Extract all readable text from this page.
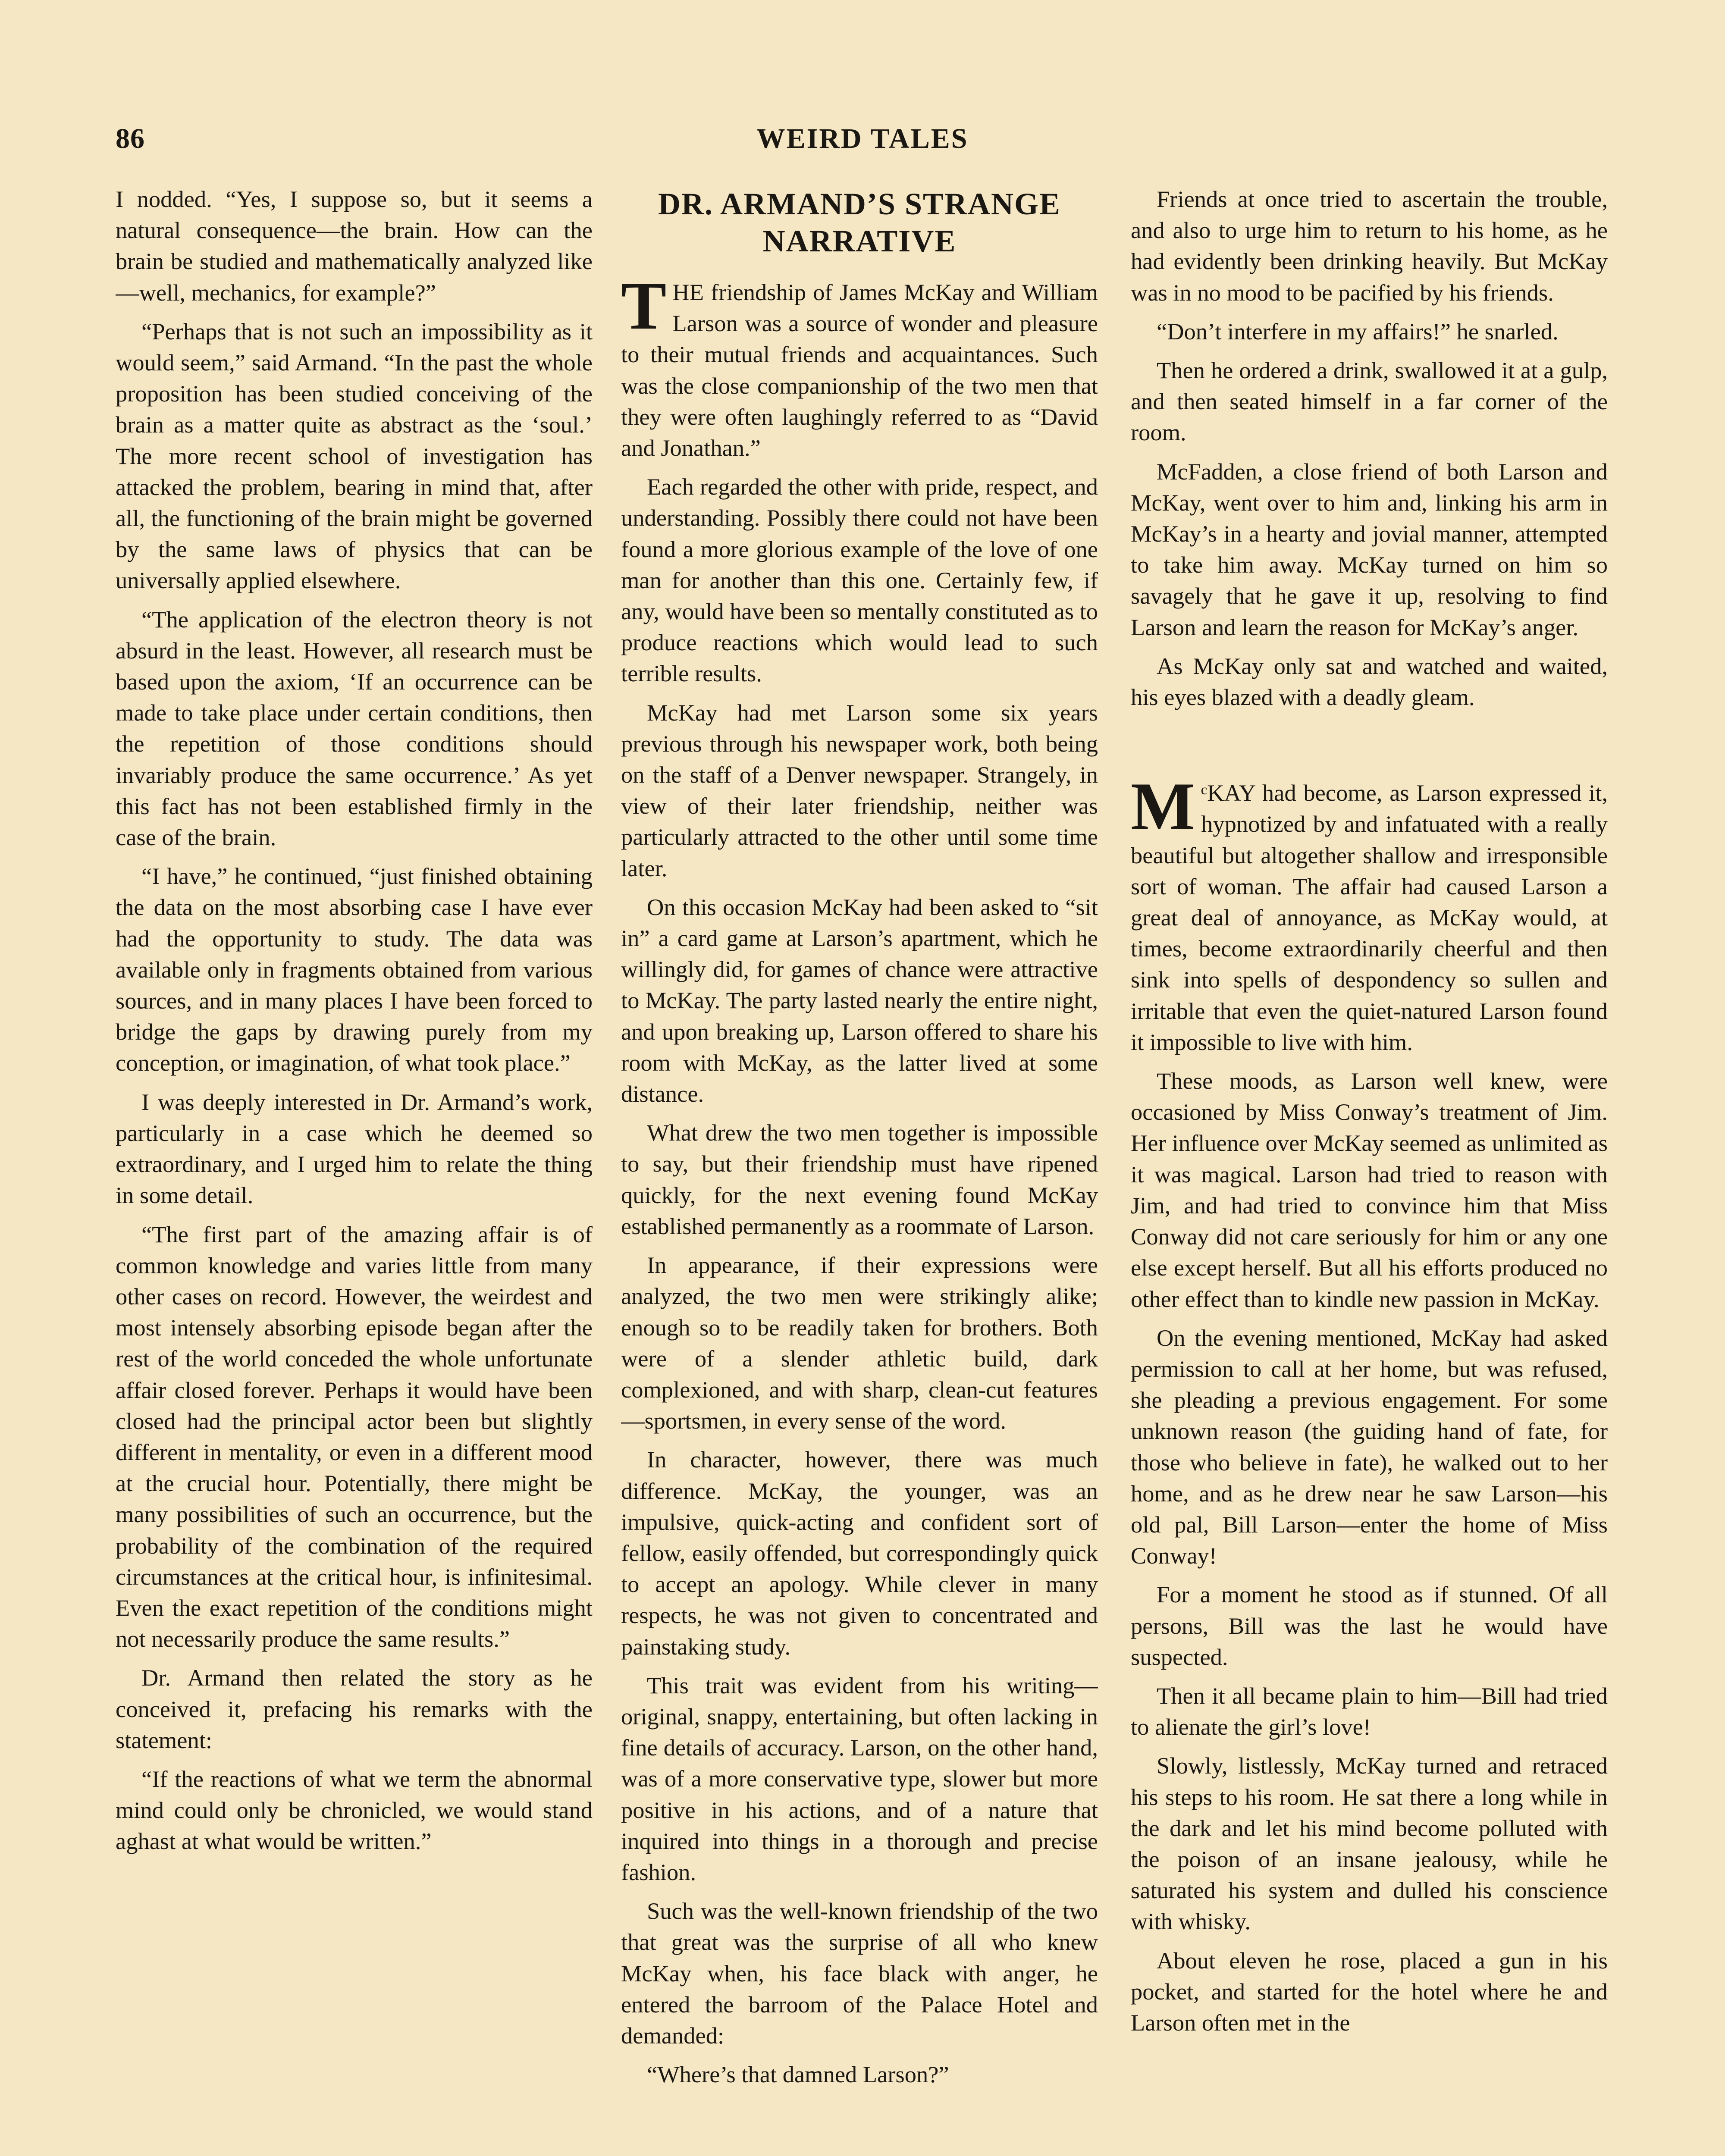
86	WEIRD TALES

I nodded. “Yes, I suppose so, but it seems a natural consequence—the brain. How can the brain be studied and mathematically analyzed like—well, mechanics, for example?”

“Perhaps that is not such an impossibility as it would seem,” said Armand. “In the past the whole proposition has been studied conceiving of the brain as a matter quite as abstract as the ‘soul.’ The more recent school of investigation has attacked the problem, bearing in mind that, after all, the functioning of the brain might be governed by the same laws of physics that can be universally applied elsewhere.

“The application of the electron theory is not absurd in the least. However, all research must be based upon the axiom, ‘If an occurrence can be made to take place under certain conditions, then the repetition of those conditions should invariably produce the same occurrence.’ As yet this fact has not been established firmly in the case of the brain.

“I have,” he continued, “just finished obtaining the data on the most absorbing case I have ever had the opportunity to study. The data was available only in fragments obtained from various sources, and in many places I have been forced to bridge the gaps by drawing purely from my conception, or imagination, of what took place.”

I was deeply interested in Dr. Armand’s work, particularly in a case which he deemed so extraordinary, and I urged him to relate the thing in some detail.

“The first part of the amazing affair is of common knowledge and varies little from many other cases on record. However, the weirdest and most intensely absorbing episode began after the rest of the world conceded the whole unfortunate affair closed forever. Perhaps it would have been closed had the principal actor been but slightly different in mentality, or even in a different mood at the crucial hour. Potentially, there might be many possibilities of such an occurrence, but the probability of the combination of the required circumstances at the critical hour, is infinitesimal. Even the exact repetition of the conditions might not necessarily produce the same results.”

Dr. Armand then related the story as he conceived it, prefacing his remarks with the statement:

“If the reactions of what we term the abnormal mind could only be chronicled, we would stand aghast at what would be written.”

DR. ARMAND’S STRANGE
NARRATIVE

THE friendship of James McKay and William Larson was a source of wonder and pleasure to their mutual friends and acquaintances. Such was the close companionship of the two men that they were often laughingly referred to as “David and Jonathan.”

Each regarded the other with pride, respect, and understanding. Possibly there could not have been found a more glorious example of the love of one man for another than this one. Certainly few, if any, would have been so mentally constituted as to produce reactions which would lead to such terrible results.

McKay had met Larson some six years previous through his newspaper work, both being on the staff of a Denver newspaper. Strangely, in view of their later friendship, neither was particularly attracted to the other until some time later.

On this occasion McKay had been asked to “sit in” a card game at Larson’s apartment, which he willingly did, for games of chance were attractive to McKay. The party lasted nearly the entire night, and upon breaking up, Larson offered to share his room with McKay, as the latter lived at some distance.

What drew the two men together is impossible to say, but their friendship must have ripened quickly, for the next evening found McKay established permanently as a roommate of Larson.

In appearance, if their expressions were analyzed, the two men were strikingly alike; enough so to be readily taken for brothers. Both were of a slender athletic build, dark complexioned, and with sharp, clean-cut features—sportsmen, in every sense of the word.

In character, however, there was much difference. McKay, the younger, was an impulsive, quick-acting and confident sort of fellow, easily offended, but correspondingly quick to accept an apology. While clever in many respects, he was not given to concentrated and painstaking study.

This trait was evident from his writing—original, snappy, entertaining, but often lacking in fine details of accuracy. Larson, on the other hand, was of a more conservative type, slower but more positive in his actions, and of a nature that inquired into things in a thorough and precise fashion.

Such was the well-known friendship of the two that great was the surprise of all who knew McKay when, his face black with anger, he entered the barroom of the Palace Hotel and demanded:

“Where’s that damned Larson?”

Friends at once tried to ascertain the trouble, and also to urge him to return to his home, as he had evidently been drinking heavily. But McKay was in no mood to be pacified by his friends.

“Don’t interfere in my affairs!” he snarled.

Then he ordered a drink, swallowed it at a gulp, and then seated himself in a far corner of the room.

McFadden, a close friend of both Larson and McKay, went over to him and, linking his arm in McKay’s in a hearty and jovial manner, attempted to take him away. McKay turned on him so savagely that he gave it up, resolving to find Larson and learn the reason for McKay’s anger.

As McKay only sat and watched and waited, his eyes blazed with a deadly gleam.

MᶜKAY had become, as Larson expressed it, hypnotized by and infatuated with a really beautiful but altogether shallow and irresponsible sort of woman. The affair had caused Larson a great deal of annoyance, as McKay would, at times, become extraordinarily cheerful and then sink into spells of despondency so sullen and irritable that even the quiet-natured Larson found it impossible to live with him.

These moods, as Larson well knew, were occasioned by Miss Conway’s treatment of Jim. Her influence over McKay seemed as unlimited as it was magical. Larson had tried to reason with Jim, and had tried to convince him that Miss Conway did not care seriously for him or any one else except herself. But all his efforts produced no other effect than to kindle new passion in McKay.

On the evening mentioned, McKay had asked permission to call at her home, but was refused, she pleading a previous engagement. For some unknown reason (the guiding hand of fate, for those who believe in fate), he walked out to her home, and as he drew near he saw Larson—his old pal, Bill Larson—enter the home of Miss Conway!

For a moment he stood as if stunned. Of all persons, Bill was the last he would have suspected.

Then it all became plain to him—Bill had tried to alienate the girl’s love!

Slowly, listlessly, McKay turned and retraced his steps to his room. He sat there a long while in the dark and let his mind become polluted with the poison of an insane jealousy, while he saturated his system and dulled his conscience with whisky.

About eleven he rose, placed a gun in his pocket, and started for the hotel where he and Larson often met in the
